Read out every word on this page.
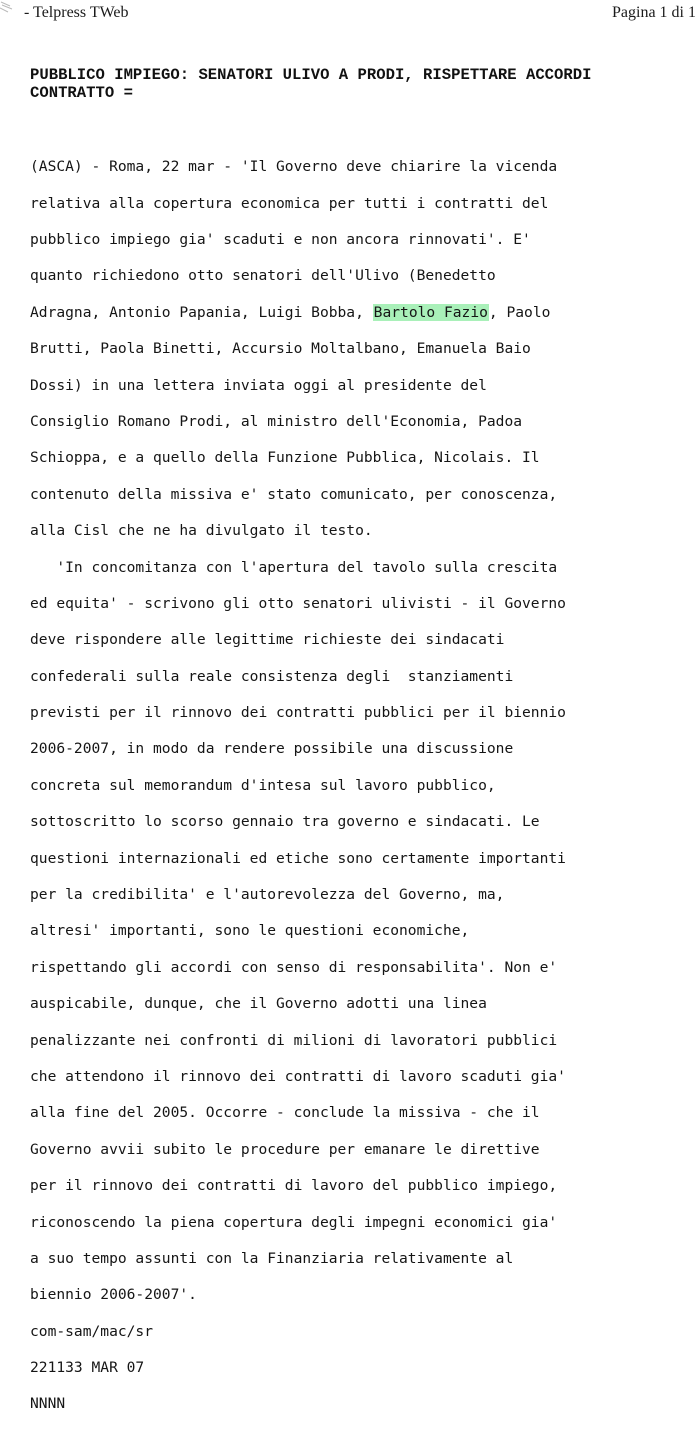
- Telpress TWeb	Pagina 1 di 1
PUBBLICO IMPIEGO: SENATORI ULIVO A PRODI, RISPETTARE ACCORDI
CONTRATTO =

(ASCA) - Roma, 22 mar - 'Il Governo deve chiarire la vicenda

relativa alla copertura economica per tutti i contratti del

pubblico impiego gia' scaduti e non ancora rinnovati'. E'

quanto richiedono otto senatori dell'Ulivo (Benedetto

Adragna, Antonio Papania, Luigi Bobba, Bartolo Fazio, Paolo

Brutti, Paola Binetti, Accursio Moltalbano, Emanuela Baio

Dossi) in una lettera inviata oggi al presidente del

Consiglio Romano Prodi, al ministro dell'Economia, Padoa

Schioppa, e a quello della Funzione Pubblica, Nicolais. Il

contenuto della missiva e' stato comunicato, per conoscenza,

alla Cisl che ne ha divulgato il testo.

'In concomitanza con l'apertura del tavolo sulla crescita

ed equita' - scrivono gli otto senatori ulivisti - il Governo

deve rispondere alle legittime richieste dei sindacati

confederali sulla reale consistenza degli  stanziamenti

previsti per il rinnovo dei contratti pubblici per il biennio

2006-2007, in modo da rendere possibile una discussione

concreta sul memorandum d'intesa sul lavoro pubblico,

sottoscritto lo scorso gennaio tra governo e sindacati. Le

questioni internazionali ed etiche sono certamente importanti

per la credibilita' e l'autorevolezza del Governo, ma,

altresi' importanti, sono le questioni economiche,

rispettando gli accordi con senso di responsabilita'. Non e'

auspicabile, dunque, che il Governo adotti una linea

penalizzante nei confronti di milioni di lavoratori pubblici

che attendono il rinnovo dei contratti di lavoro scaduti gia'

alla fine del 2005. Occorre - conclude la missiva - che il

Governo avvii subito le procedure per emanare le direttive

per il rinnovo dei contratti di lavoro del pubblico impiego,

riconoscendo la piena copertura degli impegni economici gia'

a suo tempo assunti con la Finanziaria relativamente al

biennio 2006-2007'.

com-sam/mac/sr

221133 MAR 07

NNNN
